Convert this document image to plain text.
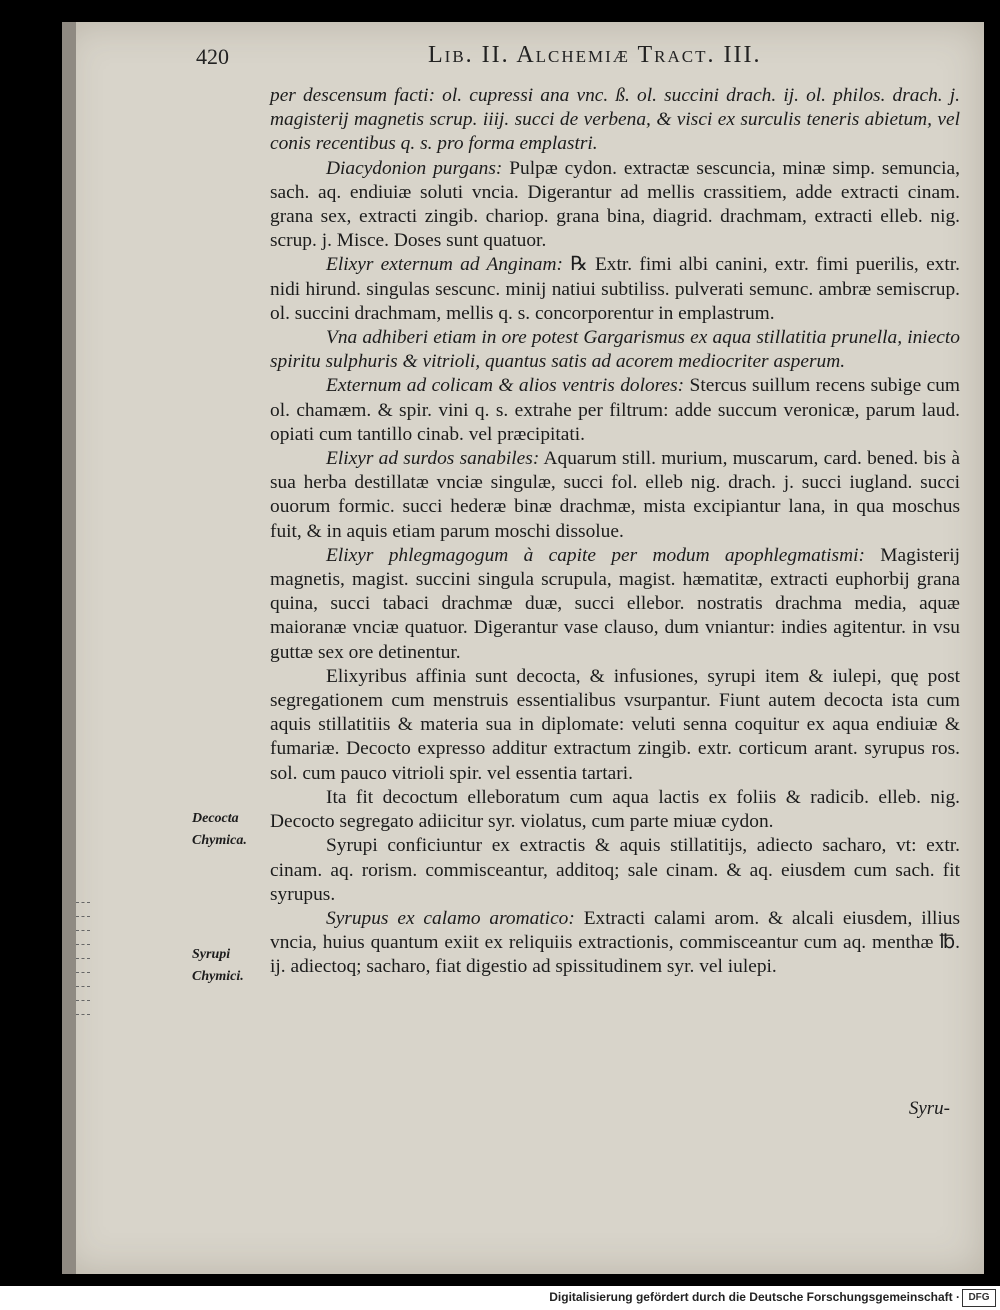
420	Lib. II. Alchemiæ Tract. III.

per descensum facti: ol. cupressi ana vnc. ß. ol. succini drach. ij. ol. philos. drach. j. magisterij magnetis scrup. iiij. succi de verbena, & visci ex surculis teneris abietum, vel conis recentibus q. s. pro forma emplastri.

Diacydonion purgans: Pulpæ cydon. extractæ sescuncia, minæ simp. semuncia, sach. aq. endiuiæ soluti vncia. Digerantur ad mellis crassitiem, adde extracti cinam. grana sex, extracti zingib. chariop. grana bina, diagrid. drachmam, extracti elleb. nig. scrup. j. Misce. Doses sunt quatuor.

Elixyr externum ad Anginam: ℞ Extr. fimi albi canini, extr. fimi puerilis, extr. nidi hirund. singulas sescunc. minij natiui subtiliss. pulverati semunc. ambræ semiscrup. ol. succini drachmam, mellis q. s. concorporentur in emplastrum.

Vna adhiberi etiam in ore potest Gargarismus ex aqua stillatitia prunella, iniecto spiritu sulphuris & vitrioli, quantus satis ad acorem mediocriter asperum.

Externum ad colicam & alios ventris dolores: Stercus suillum recens subige cum ol. chamæm. & spir. vini q. s. extrahe per filtrum: adde succum veronicæ, parum laud. opiati cum tantillo cinab. vel præcipitati.

Elixyr ad surdos sanabiles: Aquarum still. murium, muscarum, card. bened. bis à sua herba destillatæ vnciæ singulæ, succi fol. elleb nig. drach. j. succi iugland. succi ouorum formic. succi hederæ binæ drachmæ, mista excipiantur lana, in qua moschus fuit, & in aquis etiam parum moschi dissolue.

Elixyr phlegmagogum à capite per modum apophlegmatismi: Magisterij magnetis, magist. succini singula scrupula, magist. hæmatitæ, extracti euphorbij grana quina, succi tabaci drachmæ duæ, succi ellebor. nostratis drachma media, aquæ maioranæ vnciæ quatuor. Digerantur vase clauso, dum vniantur: indies agitentur. in vsu guttæ sex ore detinentur.

Elixyribus affinia sunt decocta, & infusiones, syrupi item & iulepi, quę post segregationem cum menstruis essentialibus vsurpantur. Fiunt autem decocta ista cum aquis stillatitiis & materia sua in diplomate: veluti senna coquitur ex aqua endiuiæ & fumariæ. Decocto expresso additur extractum zingib. extr. corticum arant. syrupus ros. sol. cum pauco vitrioli spir. vel essentia tartari.

Ita fit decoctum elleboratum cum aqua lactis ex foliis & radicib. elleb. nig. Decocto segregato adiicitur syr. violatus, cum parte miuæ cydon.

Syrupi conficiuntur ex extractis & aquis stillatitijs, adiecto sacharo, vt: extr. cinam. aq. rorism. commisceantur, additoq; sale cinam. & aq. eiusdem cum sach. fit syrupus.

Syrupus ex calamo aromatico: Extracti calami arom. & alcali eiusdem, illius vncia, huius quantum exiit ex reliquiis extractionis, commisceantur cum aq. menthæ ℔. ij. adiectoq; sacharo, fiat digestio ad spissitudinem syr. vel iulepi.

Decocta Chymica.
Syrupi Chymici.
Syru-
Digitalisierung gefördert durch die Deutsche Forschungsgemeinschaft · DFG
